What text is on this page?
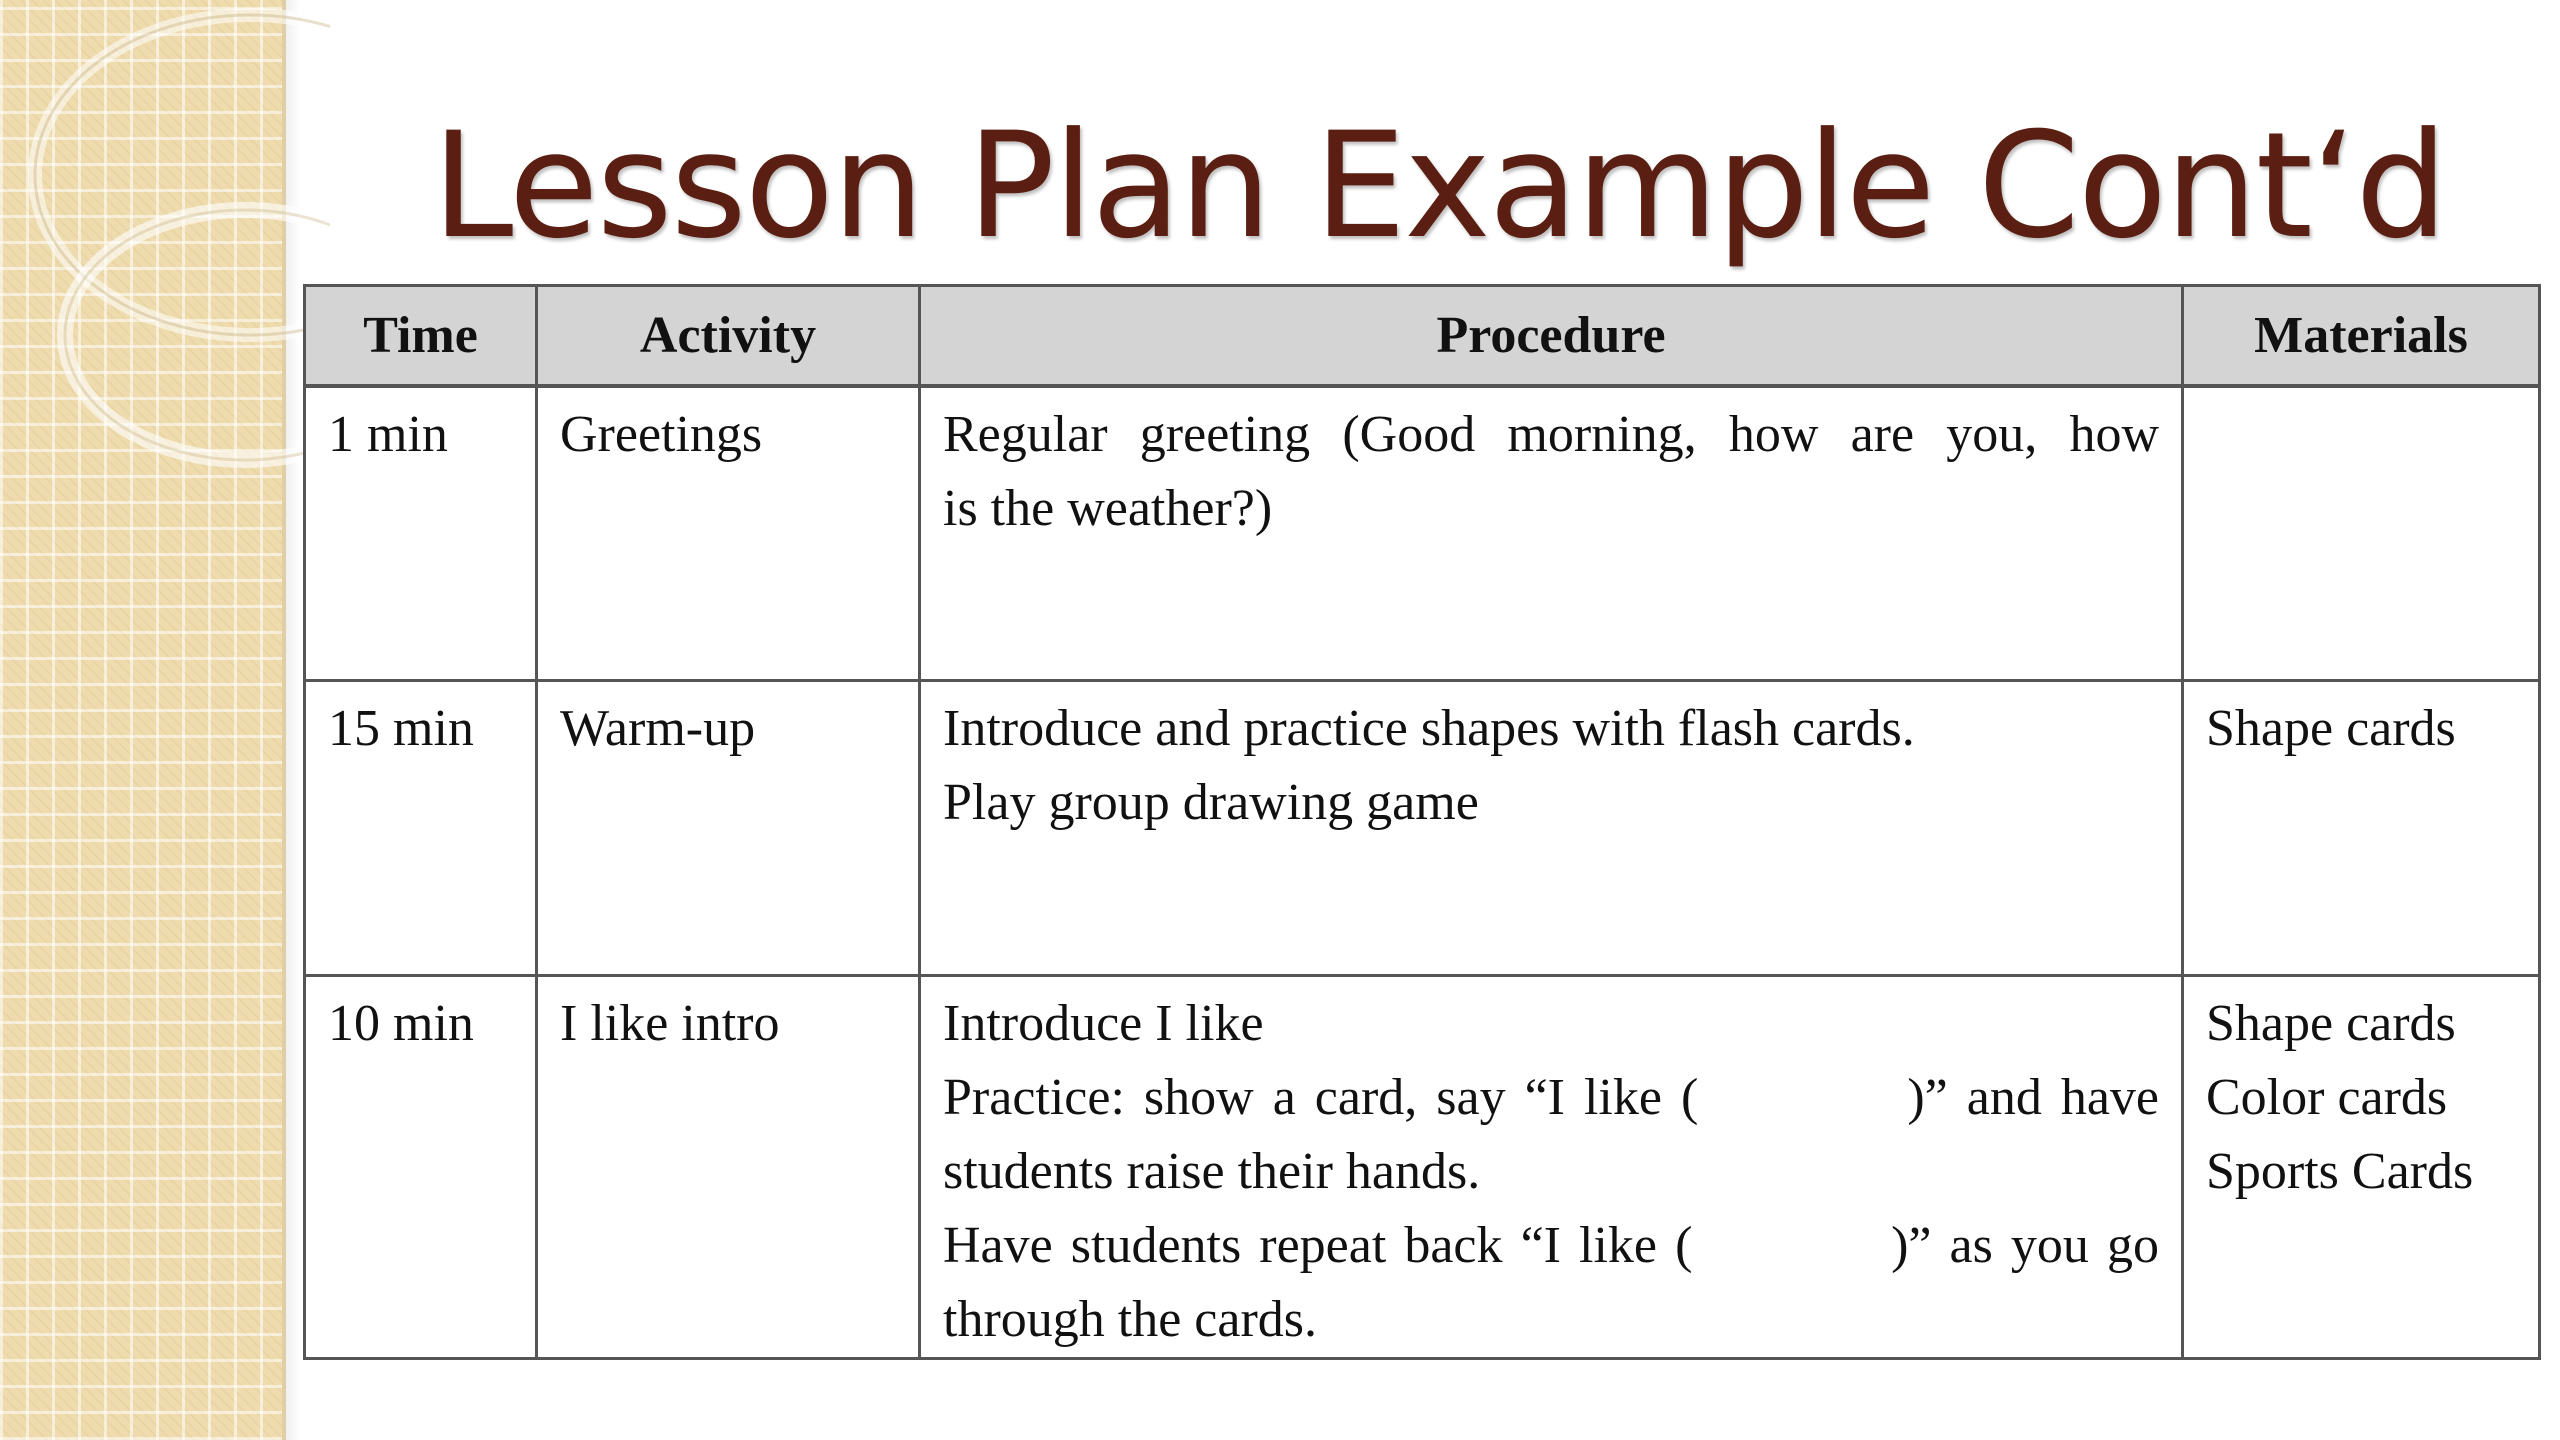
Lesson Plan Example Cont‘d
Time	Activity	Procedure	Materials

1 min	Greetings	Regular greeting (Good morning, how are you, how
is the weather?)	

15 min	Warm-up	Introduce and practice shapes with flash cards.
Play group drawing game	Shape cards

10 min	I like intro	Introduce I like
Practice: show a card, say “I like (           )” and have
students raise their hands.
Have students repeat back “I like (           )” as you go
through the cards.	Shape cards
Color cards
Sports Cards
